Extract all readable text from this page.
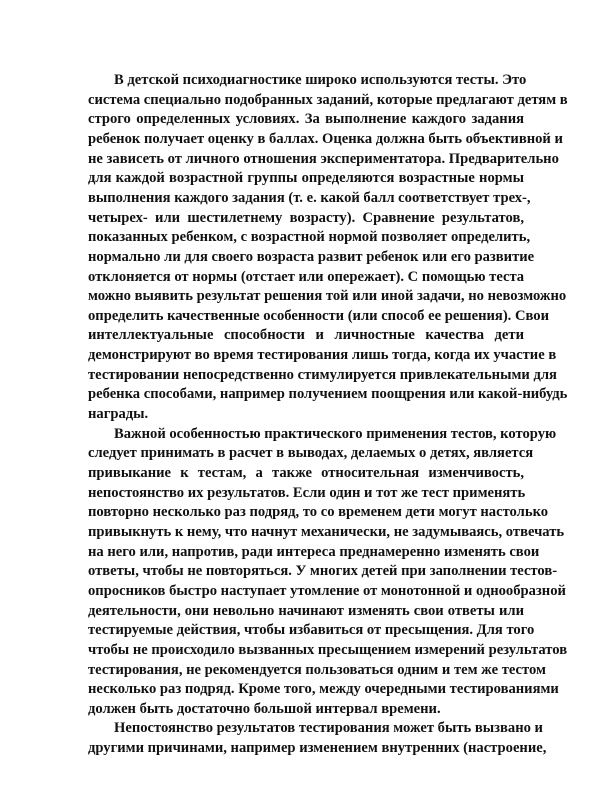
В детской психодиагностике широко используются тесты. Это
система специально подобранных заданий, которые предлагают детям в
строго определенных условиях. За выполнение каждого задания
ребенок получает оценку в баллах. Оценка должна быть объективной и
не зависеть от личного отношения экспериментатора. Предварительно
для каждой возрастной группы определяются возрастные нормы
выполнения каждого задания (т. е. какой балл соответствует трех-,
четырех- или шестилетнему возрасту). Сравнение результатов,
показанных ребенком, с возрастной нормой позволяет определить,
нормально ли для своего возраста развит ребенок или его развитие
отклоняется от нормы (отстает или опережает). С помощью теста
можно выявить результат решения той или иной задачи, но невозможно
определить качественные особенности (или способ ее решения). Свои
интеллектуальные способности и личностные качества дети
демонстрируют во время тестирования лишь тогда, когда их участие в
тестировании непосредственно стимулируется привлекательными для
ребенка способами, например получением поощрения или какой-нибудь
награды.
Важной особенностью практического применения тестов, которую
следует принимать в расчет в выводах, делаемых о детях, является
привыкание к тестам, а также относительная изменчивость,
непостоянство их результатов. Если один и тот же тест применять
повторно несколько раз подряд, то со временем дети могут настолько
привыкнуть к нему, что начнут механически, не задумываясь, отвечать
на него или, напротив, ради интереса преднамеренно изменять свои
ответы, чтобы не повторяться. У многих детей при заполнении тестов-
опросников быстро наступает утомление от монотонной и однообразной
деятельности, они невольно начинают изменять свои ответы или
тестируемые действия, чтобы избавиться от пресыщения. Для того
чтобы не происходило вызванных пресыщением измерений результатов
тестирования, не рекомендуется пользоваться одним и тем же тестом
несколько раз подряд. Кроме того, между очередными тестированиями
должен быть достаточно большой интервал времени.
Непостоянство результатов тестирования может быть вызвано и
другими причинами, например изменением внутренних (настроение,
